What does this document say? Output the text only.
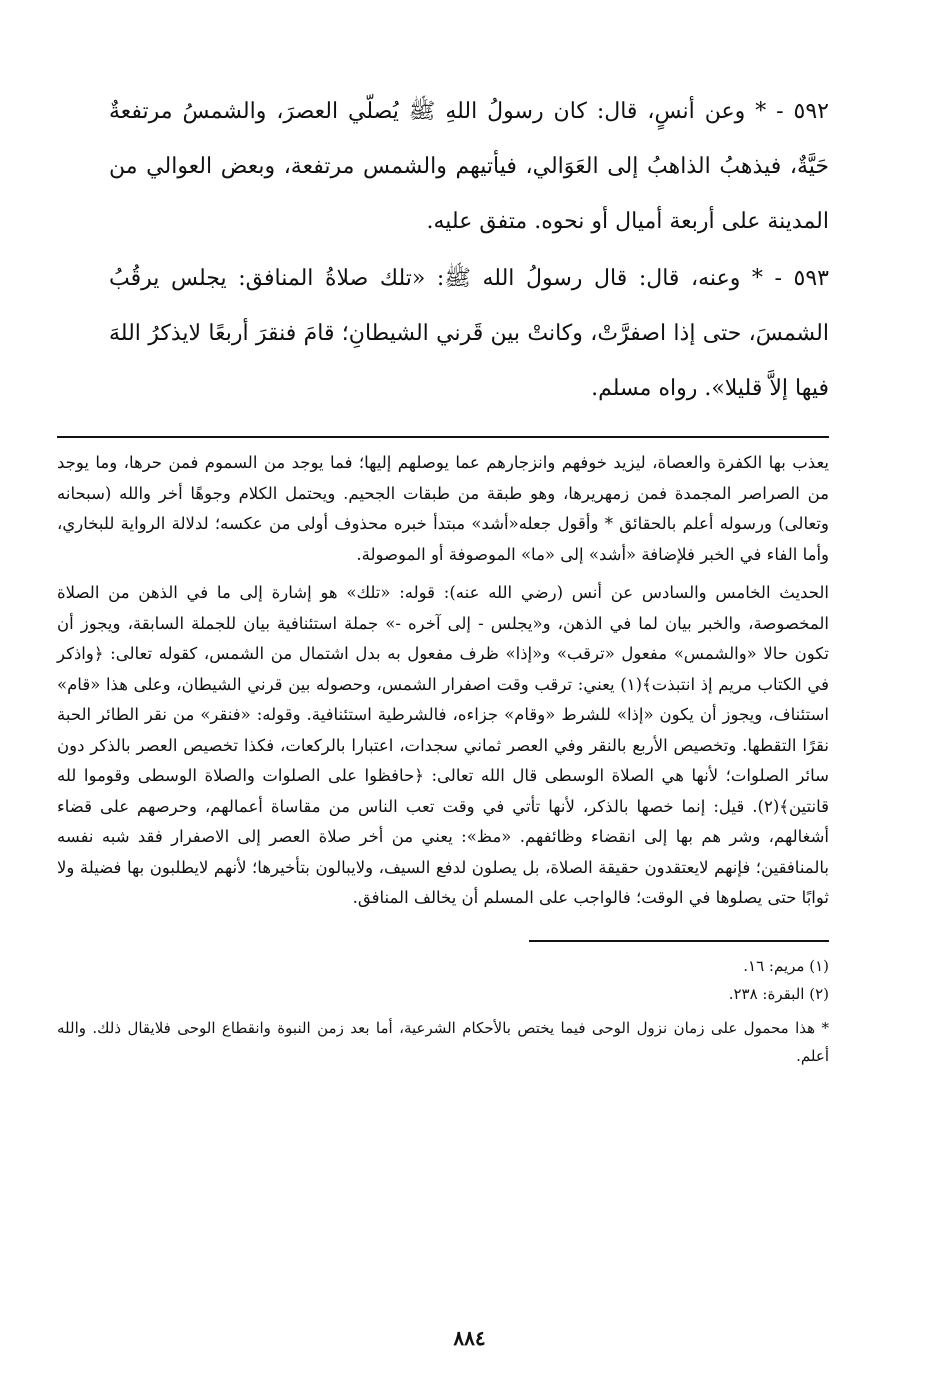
٥٩٢ - * وعن أنسٍ، قال: كان رسولُ اللهِ ﷺ يُصلّي العصرَ، والشمسُ مرتفعةٌ حَيَّةٌ، فيذهبُ الذاهبُ إلى العَوَالي، فيأتيهم والشمس مرتفعة، وبعض العوالي من المدينة على أربعة أميال أو نحوه. متفق عليه.

٥٩٣ - * وعنه، قال: قال رسولُ الله ﷺ: «تلك صلاةُ المنافق: يجلس يرقُبُ الشمسَ، حتى إذا اصفرَّتْ، وكانتْ بين قَرني الشيطانِ؛ قامَ فنقرَ أربعًا لايذكرُ اللهَ فيها إلاَّ قليلا». رواه مسلم.

يعذب بها الكفرة والعصاة، ليزيد خوفهم وانزجارهم عما يوصلهم إليها؛ فما يوجد من السموم فمن حرها، وما يوجد من الصراصر المجمدة فمن زمهريرها، وهو طبقة من طبقات الجحيم. ويحتمل الكلام وجوهًا أخر والله (سبحانه وتعالى) ورسوله أعلم بالحقائق * وأقول جعله«أشد» مبتدأ خبره محذوف أولى من عكسه؛ لدلالة الرواية للبخاري، وأما الفاء في الخبر فلإضافة «أشد» إلى «ما» الموصوفة أو الموصولة.

الحديث الخامس والسادس عن أنس (رضي الله عنه): قوله: «تلك» هو إشارة إلى ما في الذهن من الصلاة المخصوصة، والخبر بيان لما في الذهن، و«يجلس - إلى آخره -» جملة استئنافية بيان للجملة السابقة، ويجوز أن تكون حالا «والشمس» مفعول «ترقب» و«إذا» ظرف مفعول به بدل اشتمال من الشمس، كقوله تعالى: ﴿واذكر في الكتاب مريم إذ انتبذت﴾(١) يعني: ترقب وقت اصفرار الشمس، وحصوله بين قرني الشيطان، وعلى هذا «قام» استئناف، ويجوز أن يكون «إذا» للشرط «وقام» جزاءه، فالشرطية استئنافية. وقوله: «فنقر» من نقر الطائر الحبة نقرًا التقطها. وتخصيص الأربع بالنقر وفي العصر ثماني سجدات، اعتبارا بالركعات، فكذا تخصيص العصر بالذكر دون سائر الصلوات؛ لأنها هي الصلاة الوسطى قال الله تعالى: ﴿حافظوا على الصلوات والصلاة الوسطى وقوموا لله قانتين﴾(٢). قيل: إنما خصها بالذكر، لأنها تأتي في وقت تعب الناس من مقاساة أعمالهم، وحرصهم على قضاء أشغالهم، وشر هم بها إلى انقضاء وظائفهم. «مظ»: يعني من أخر صلاة العصر إلى الاصفرار فقد شبه نفسه بالمنافقين؛ فإنهم لايعتقدون حقيقة الصلاة، بل يصلون لدفع السيف، ولايبالون بتأخيرها؛ لأنهم لايطلبون بها فضيلة ولا ثوابًا حتى يصلوها في الوقت؛ فالواجب على المسلم أن يخالف المنافق.

(١) مريم: ١٦.

(٢) البقرة: ٢٣٨.

* هذا محمول على زمان نزول الوحى فيما يختص بالأحكام الشرعية، أما بعد زمن النبوة وانقطاع الوحى فلايقال ذلك. والله أعلم.

٨٨٤
